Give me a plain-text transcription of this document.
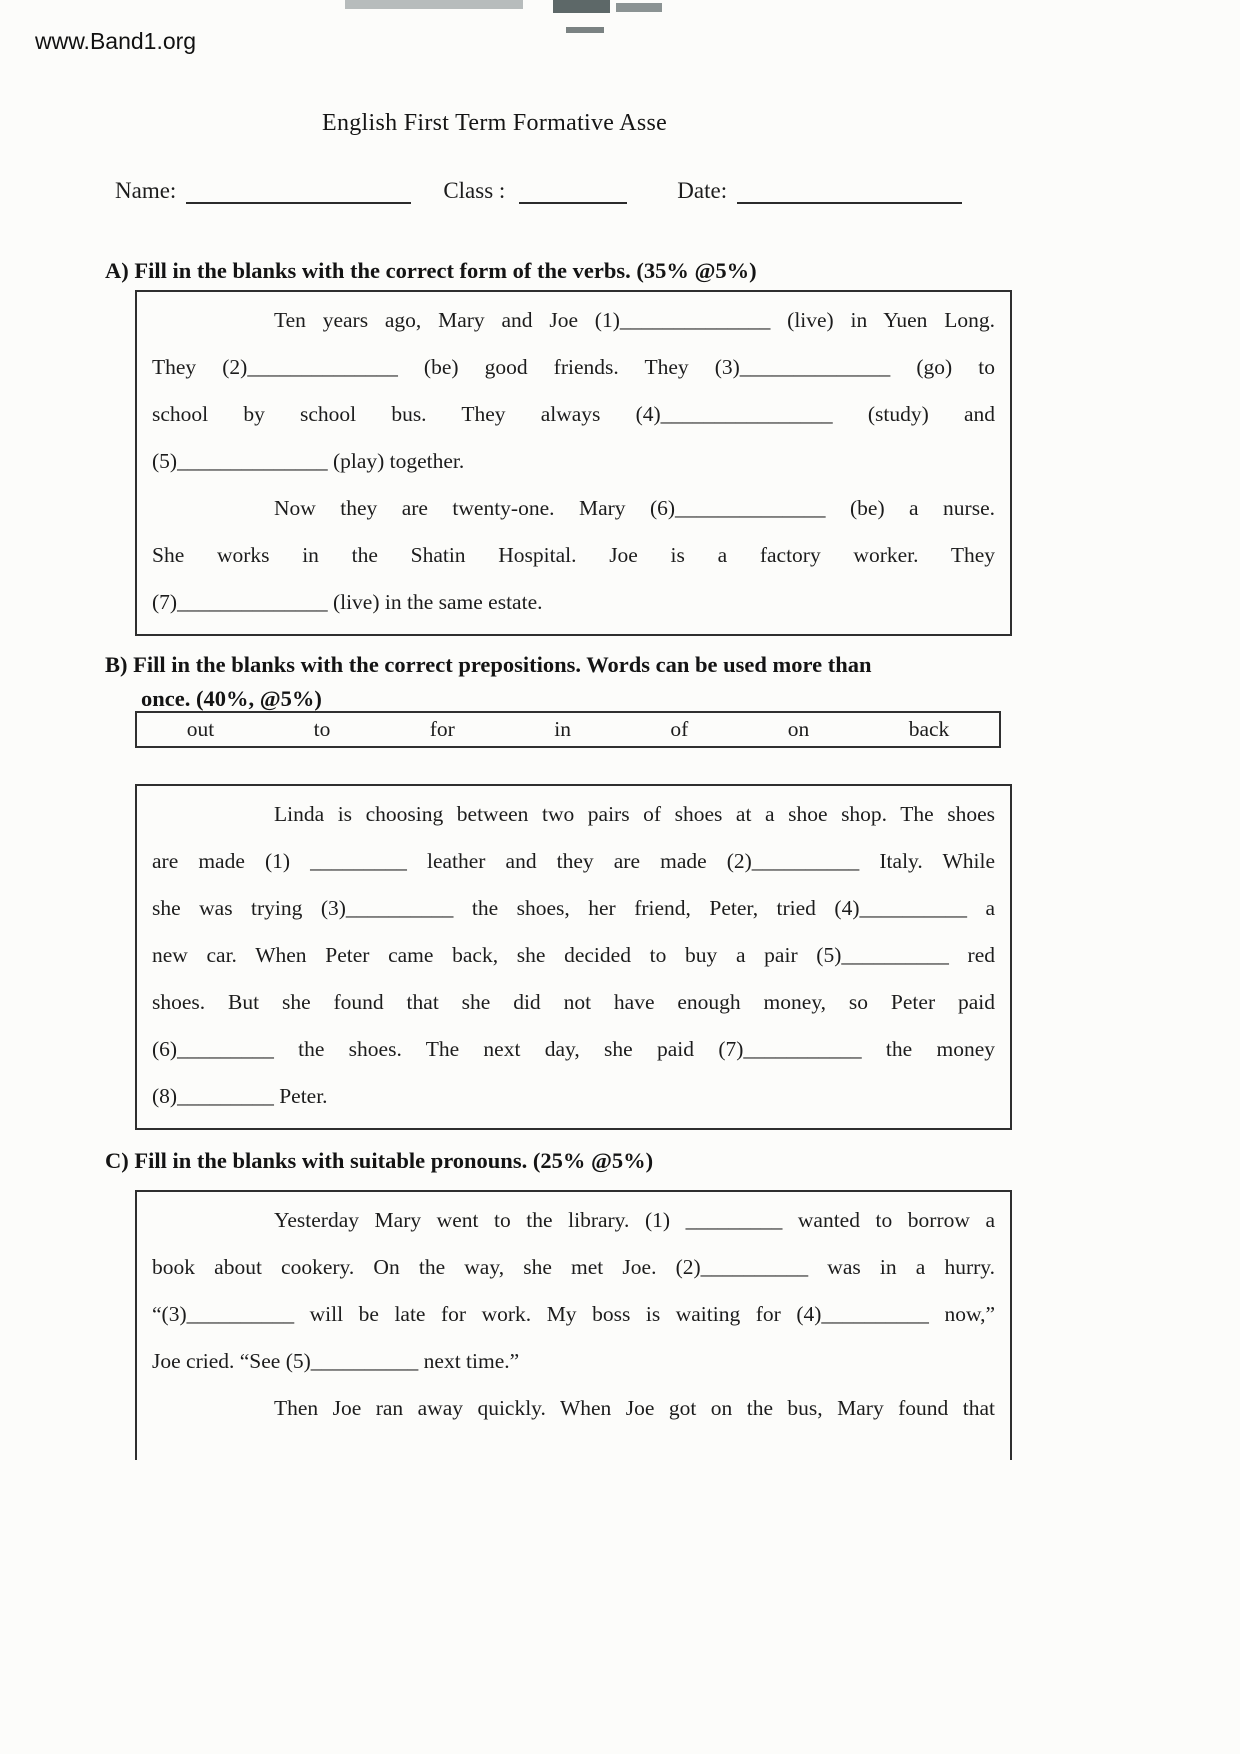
www.Band1.org
English First Term Formative Asse
Name:	Class :	Date:
A) Fill in the blanks with the correct form of the verbs. (35% @5%)
Ten years ago, Mary and Joe (1)______________ (live) in Yuen Long.
They (2)______________ (be) good friends. They (3)______________ (go) to
school by school bus. They always (4)________________ (study) and
(5)______________ (play) together.
Now they are twenty-one. Mary (6)______________ (be) a nurse.
She works in the Shatin Hospital. Joe is a factory worker. They
(7)______________ (live) in the same estate.
B) Fill in the blanks with the correct prepositions. Words can be used more than
once. (40%, @5%)
out	to	for	in	of	on	back
Linda is choosing between two pairs of shoes at a shoe shop. The shoes
are made (1) _________ leather and they are made (2)__________ Italy. While
she was trying (3)__________ the shoes, her friend, Peter, tried (4)__________ a
new car. When Peter came back, she decided to buy a pair (5)__________ red
shoes. But she found that she did not have enough money, so Peter paid
(6)_________ the shoes. The next day, she paid (7)___________ the money
(8)_________ Peter.
C) Fill in the blanks with suitable pronouns. (25% @5%)
Yesterday Mary went to the library. (1) _________ wanted to borrow a
book about cookery. On the way, she met Joe. (2)__________ was in a hurry.
“(3)__________ will be late for work. My boss is waiting for (4)__________ now,”
Joe cried. “See (5)__________ next time.”
Then Joe ran away quickly. When Joe got on the bus, Mary found that
